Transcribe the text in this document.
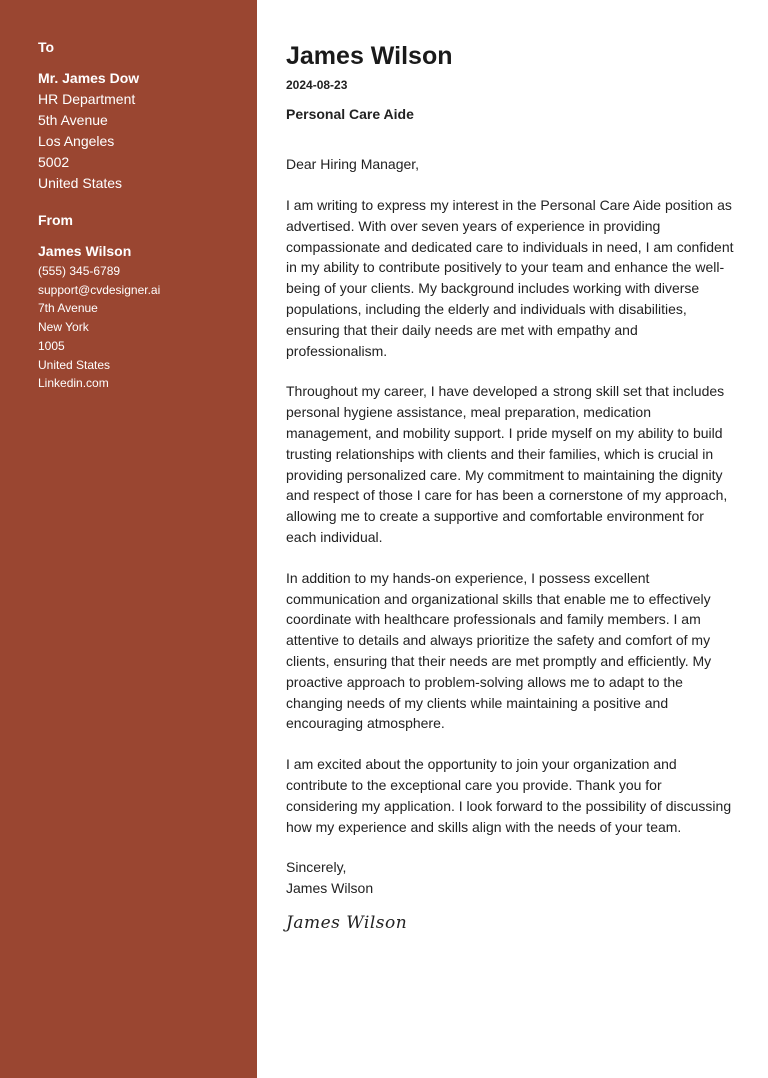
To
Mr. James Dow
HR Department
5th Avenue
Los Angeles
5002
United States
From
James Wilson
(555) 345-6789
support@cvdesigner.ai
7th Avenue
New York
1005
United States
Linkedin.com
James Wilson
2024-08-23
Personal Care Aide
Dear Hiring Manager,

I am writing to express my interest in the Personal Care Aide position as advertised. With over seven years of experience in providing compassionate and dedicated care to individuals in need, I am confident in my ability to contribute positively to your team and enhance the well-being of your clients. My background includes working with diverse populations, including the elderly and individuals with disabilities, ensuring that their daily needs are met with empathy and professionalism.

Throughout my career, I have developed a strong skill set that includes personal hygiene assistance, meal preparation, medication management, and mobility support. I pride myself on my ability to build trusting relationships with clients and their families, which is crucial in providing personalized care. My commitment to maintaining the dignity and respect of those I care for has been a cornerstone of my approach, allowing me to create a supportive and comfortable environment for each individual.

In addition to my hands-on experience, I possess excellent communication and organizational skills that enable me to effectively coordinate with healthcare professionals and family members. I am attentive to details and always prioritize the safety and comfort of my clients, ensuring that their needs are met promptly and efficiently. My proactive approach to problem-solving allows me to adapt to the changing needs of my clients while maintaining a positive and encouraging atmosphere.

I am excited about the opportunity to join your organization and contribute to the exceptional care you provide. Thank you for considering my application. I look forward to the possibility of discussing how my experience and skills align with the needs of your team.

Sincerely,
James Wilson
James Wilson
